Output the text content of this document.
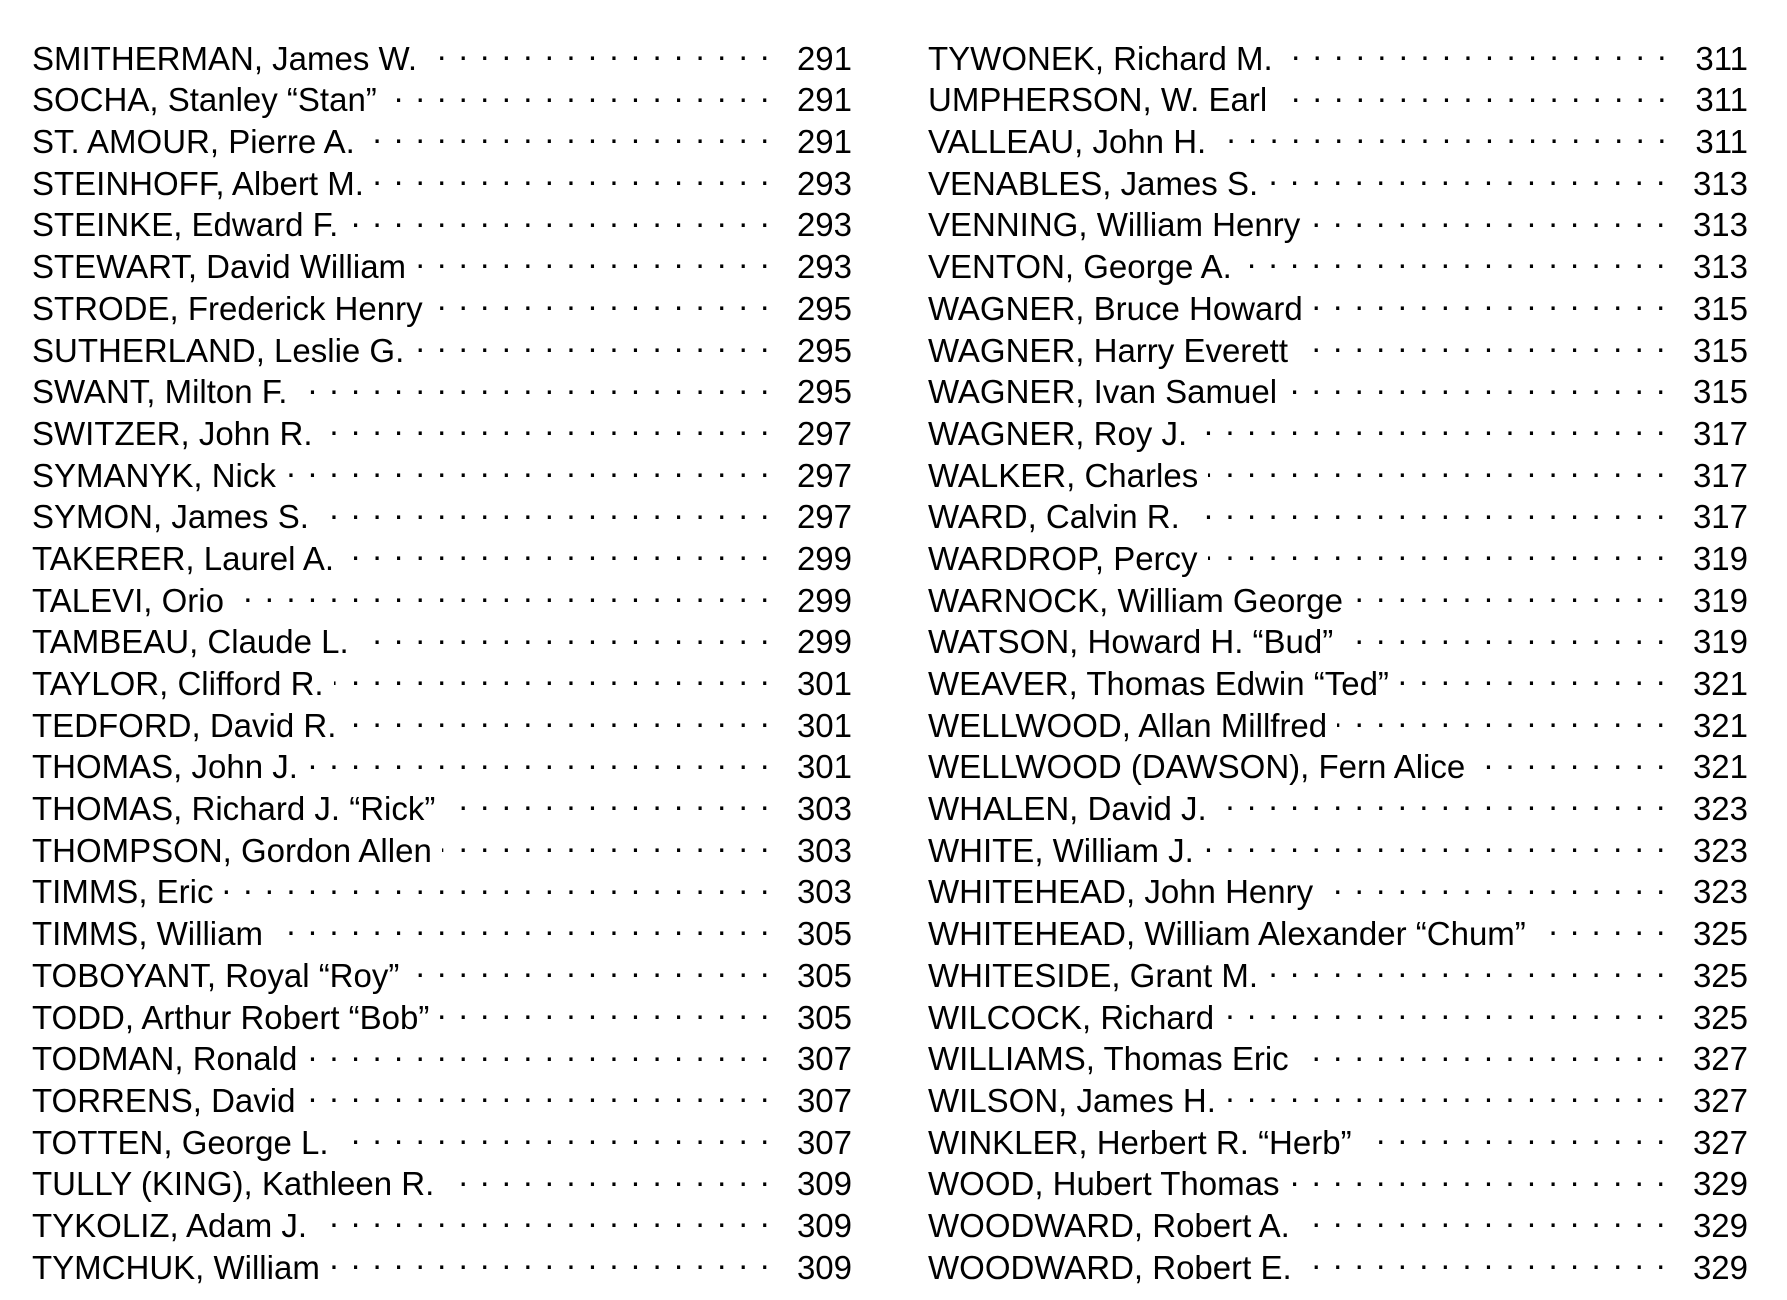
SMITHERMAN, James W. . . .	291
SOCHA, Stanley “Stan” . . .	291
ST. AMOUR, Pierre A. . . .	291
STEINHOFF, Albert M. . . .	293
STEINKE, Edward F. . . .	293
STEWART, David William . . .	293
STRODE, Frederick Henry . . .	295
SUTHERLAND, Leslie G. . . .	295
SWANT, Milton F. . . .	295
SWITZER, John R. . . .	297
SYMANYK, Nick . . .	297
SYMON, James S. . . .	297
TAKERER, Laurel A. . . .	299
TALEVI, Orio . . .	299
TAMBEAU, Claude L. . . .	299
TAYLOR, Clifford R. . . .	301
TEDFORD, David R. . . .	301
THOMAS, John J. . . .	301
THOMAS, Richard J. “Rick” . . .	303
THOMPSON, Gordon Allen . . .	303
TIMMS, Eric . . .	303
TIMMS, William . . .	305
TOBOYANT, Royal “Roy” . . .	305
TODD, Arthur Robert “Bob” . . .	305
TODMAN, Ronald . . .	307
TORRENS, David . . .	307
TOTTEN, George L. . . .	307
TULLY (KING), Kathleen R. . . .	309
TYKOLIZ, Adam J. . . .	309
TYMCHUK, William . . .	309
TYWONEK, Richard M. . . .	311
UMPHERSON, W. Earl . . .	311
VALLEAU, John H. . . .	311
VENABLES, James S. . . .	313
VENNING, William Henry . . .	313
VENTON, George A. . . .	313
WAGNER, Bruce Howard . . .	315
WAGNER, Harry Everett . . .	315
WAGNER, Ivan Samuel . . .	315
WAGNER, Roy J. . . .	317
WALKER, Charles . . .	317
WARD, Calvin R. . . .	317
WARDROP, Percy . . .	319
WARNOCK, William George . . .	319
WATSON, Howard H. “Bud” . . .	319
WEAVER, Thomas Edwin “Ted” . . .	321
WELLWOOD, Allan Millfred . . .	321
WELLWOOD (DAWSON), Fern Alice . . .	321
WHALEN, David J. . . .	323
WHITE, William J. . . .	323
WHITEHEAD, John Henry . . .	323
WHITEHEAD, William Alexander “Chum” . . .	325
WHITESIDE, Grant M. . . .	325
WILCOCK, Richard . . .	325
WILLIAMS, Thomas Eric . . .	327
WILSON, James H. . . .	327
WINKLER, Herbert R. “Herb” . . .	327
WOOD, Hubert Thomas . . .	329
WOODWARD, Robert A. . . .	329
WOODWARD, Robert E. . . .	329
